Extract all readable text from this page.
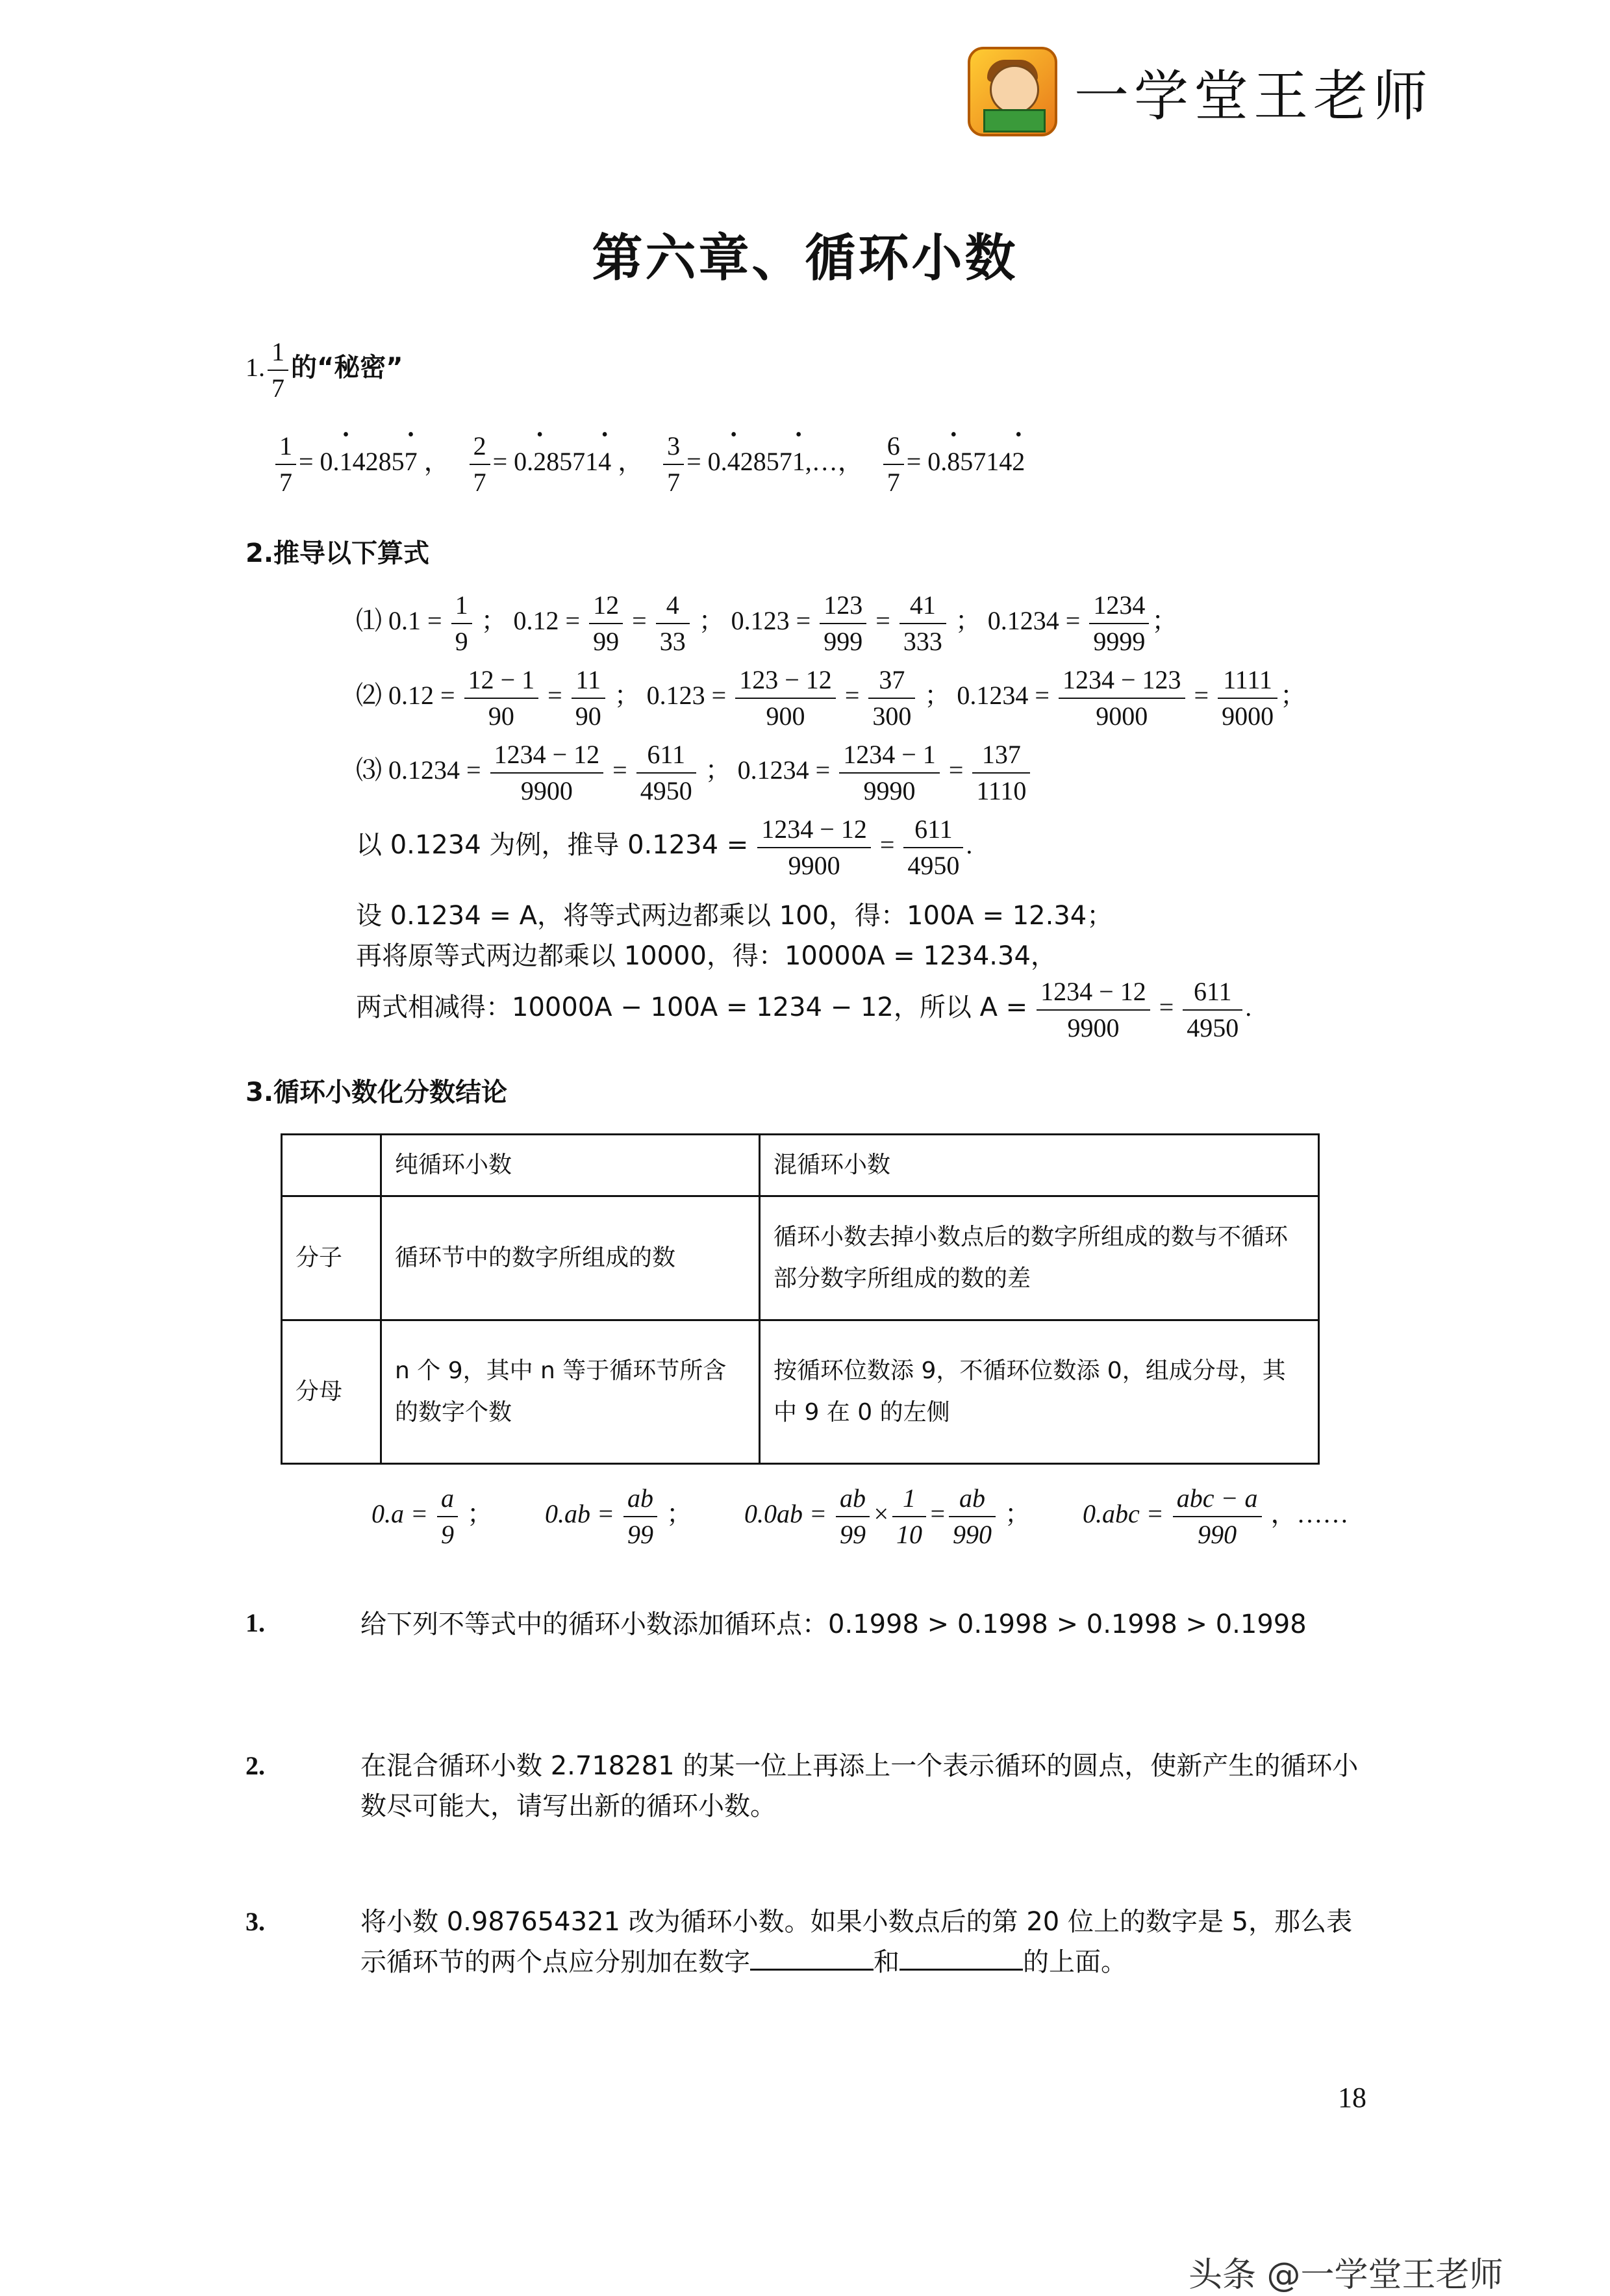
一学堂王老师
第六章、循环小数
1. $\frac{1}{7}$ 的“秘密”
$\frac{1}{7}$ = 0.• 14285• 7 ， $\frac{2}{7}$ = 0.• 28571• 4 ， $\frac{3}{7}$ = 0.• 42857• 1,…， $\frac{6}{7}$ = 0.• 85714• 2
2.推导以下算式
⑴ $0.1 = \frac{1}{9}$ ； $0.12 = \frac{12}{99} = \frac{4}{33}$ ； $0.123 = \frac{123}{999} = \frac{41}{333}$ ； $0.1234 = \frac{1234}{9999}$ ；
⑵ $0.12 = \frac{12 - 1}{90} = \frac{11}{90}$ ； $0.123 = \frac{123 - 12}{900} = \frac{37}{300}$ ； $0.1234 = \frac{1234 - 123}{9000} = \frac{1111}{9000}$ ；
⑶ $0.1234 = \frac{1234 - 12}{9900} = \frac{611}{4950}$ ； $0.1234 = \frac{1234 - 1}{9990} = \frac{137}{1110}$
以 0.1234 为例，推导 $0.1234 = \frac{1234 - 12}{9900} = \frac{611}{4950}$ .
设 0.1234 = A，将等式两边都乘以 100，得：100A = 12.34；
再将原等式两边都乘以 10000，得：10000A = 1234.34，
两式相减得：10000A − 100A = 1234 − 12，所以 $A = \frac{1234 - 12}{9900} = \frac{611}{4950}$ .
3.循环小数化分数结论
	纯循环小数	混循环小数
分子	循环节中的数字所组成的数	循环小数去掉小数点后的数字所组成的数与不循环部分数字所组成的数的差
分母	n 个 9，其中 n 等于循环节所含的数字个数	按循环位数添 9，不循环位数添 0，组成分母，其中 9 在 0 的左侧
$0.a = \frac{a}{9}$ ； $0.ab = \frac{ab}{99}$ ； $0.0ab = \frac{ab}{99} \times \frac{1}{10} = \frac{ab}{990}$ ； $0.abc = \frac{\text{abc − a}}{990}$ ，……
1.	给下列不等式中的循环小数添加循环点：0.1998 > 0.1998 > 0.1998 > 0.1998
2.	在混合循环小数 2.718281 的某一位上再添上一个表示循环的圆点，使新产生的循环小数尽可能大，请写出新的循环小数。
3.	将小数 0.987654321 改为循环小数。如果小数点后的第 20 位上的数字是 5，那么表示循环节的两个点应分别加在数字	和	的上面。
18
头条 @一学堂王老师
